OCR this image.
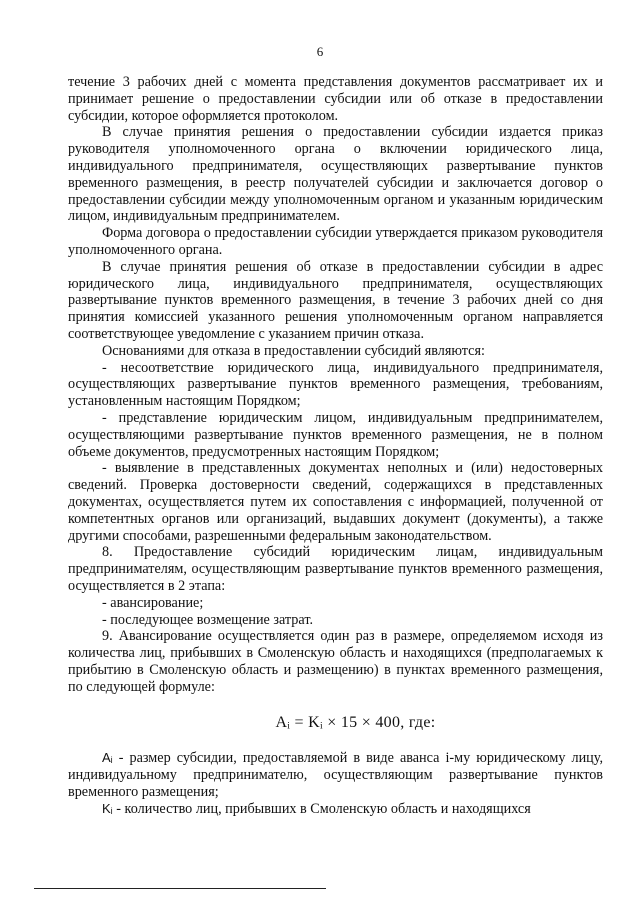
6

течение 3 рабочих дней с момента представления документов рассматривает их и принимает решение о предоставлении субсидии или об отказе в предоставлении субсидии, которое оформляется протоколом.

В случае принятия решения о предоставлении субсидии издается приказ руководителя уполномоченного органа о включении юридического лица, индивидуального предпринимателя, осуществляющих развертывание пунктов временного размещения, в реестр получателей субсидии и заключается договор о предоставлении субсидии между уполномоченным органом и указанным юридическим лицом, индивидуальным предпринимателем.

Форма договора о предоставлении субсидии утверждается приказом руководителя уполномоченного органа.

В случае принятия решения об отказе в предоставлении субсидии в адрес юридического лица, индивидуального предпринимателя, осуществляющих развертывание пунктов временного размещения, в течение 3 рабочих дней со дня принятия комиссией указанного решения уполномоченным органом направляется соответствующее уведомление с указанием причин отказа.

Основаниями для отказа в предоставлении субсидий являются:

- несоответствие юридического лица, индивидуального предпринимателя, осуществляющих развертывание пунктов временного размещения, требованиям, установленным настоящим Порядком;

- представление юридическим лицом, индивидуальным предпринимателем, осуществляющими развертывание пунктов временного размещения, не в полном объеме документов, предусмотренных настоящим Порядком;

- выявление в представленных документах неполных и (или) недостоверных сведений. Проверка достоверности сведений, содержащихся в представленных документах, осуществляется путем их сопоставления с информацией, полученной от компетентных органов или организаций, выдавших документ (документы), а также другими способами, разрешенными федеральным законодательством.

8. Предоставление субсидий юридическим лицам, индивидуальным предпринимателям, осуществляющим развертывание пунктов временного размещения, осуществляется в 2 этапа:

- авансирование;

- последующее возмещение затрат.

9. Авансирование осуществляется один раз в размере, определяемом исходя из количества лиц, прибывших в Смоленскую область и находящихся (предполагаемых к прибытию в Смоленскую область и размещению) в пунктах временного размещения, по следующей формуле:

Aᵢ = Kᵢ × 15 × 400, где:

Aᵢ - размер субсидии, предоставляемой в виде аванса i-му юридическому лицу, индивидуальному предпринимателю, осуществляющим развертывание пунктов временного размещения;

Kᵢ - количество лиц, прибывших в Смоленскую область и находящихся
